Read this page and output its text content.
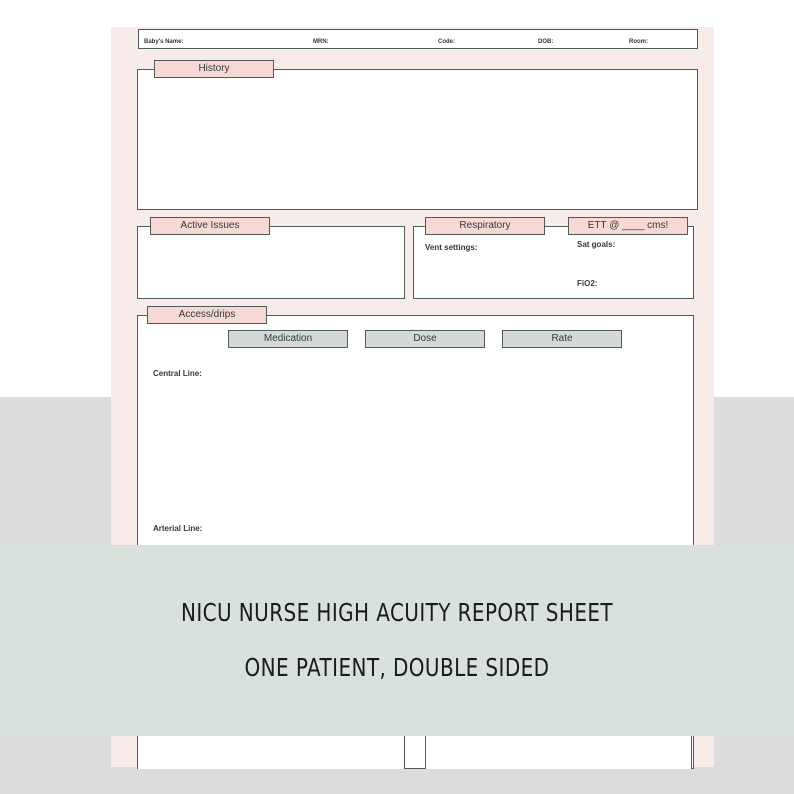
Baby's Name:	MRN:	Code:	DOB:	Room:
History
Active Issues	Respiratory	ETT @ ____ cms!
Vent settings:	Sat goals:
FiO2:
Access/drips
Medication	Dose	Rate
Central Line:
Arterial Line:
NICU NURSE HIGH ACUITY REPORT SHEET
ONE PATIENT, DOUBLE SIDED
